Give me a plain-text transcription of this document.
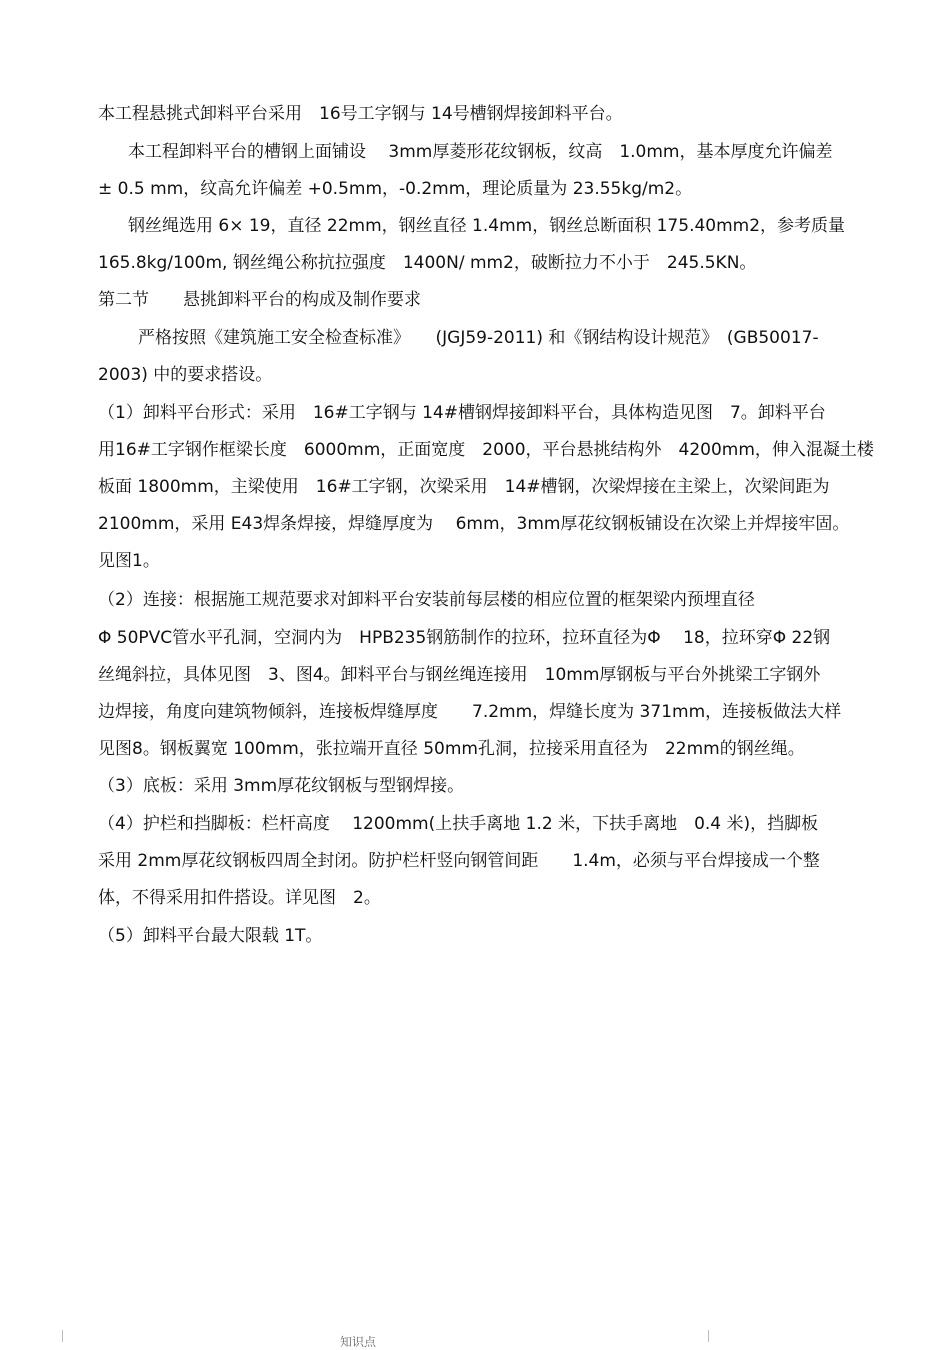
本工程悬挑式卸料平台采用　16号工字钢与 14号槽钢焊接卸料平台。
本工程卸料平台的槽钢上面铺设　 3mm厚菱形花纹钢板，纹高　1.0mm，基本厚度允许偏差
± 0.5 mm，纹高允许偏差 +0.5mm，-0.2mm，理论质量为 23.55kg/m2。
钢丝绳选用 6× 19，直径 22mm，钢丝直径 1.4mm，钢丝总断面积 175.40mm2，参考质量
165.8kg/100m, 钢丝绳公称抗拉强度　1400N/ mm2，破断拉力不小于　245.5KN。
第二节　　悬挑卸料平台的构成及制作要求
严格按照《建筑施工安全检查标准》　　(JGJ59-2011) 和《钢结构设计规范》　(GB50017-
2003) 中的要求搭设。
（1）卸料平台形式：采用　16#工字钢与 14#槽钢焊接卸料平台，具体构造见图　7。卸料平台
用16#工字钢作框梁长度　6000mm，正面宽度　2000，平台悬挑结构外　4200mm，伸入混凝土楼
板面 1800mm，主梁使用　16#工字钢，次梁采用　14#槽钢，次梁焊接在主梁上，次梁间距为
2100mm，采用 E43焊条焊接，焊缝厚度为　 6mm，3mm厚花纹钢板铺设在次梁上并焊接牢固。
见图1。
（2）连接：根据施工规范要求对卸料平台安装前每层楼的相应位置的框架梁内预埋直径
Φ 50PVC管水平孔洞，空洞内为　HPB235钢筋制作的拉环，拉环直径为Φ　 18，拉环穿Φ 22钢
丝绳斜拉，具体见图　3、图4。卸料平台与钢丝绳连接用　10mm厚钢板与平台外挑梁工字钢外
边焊接，角度向建筑物倾斜，连接板焊缝厚度　　7.2mm，焊缝长度为 371mm，连接板做法大样
见图8。钢板翼宽 100mm，张拉端开直径 50mm孔洞，拉接采用直径为　22mm的钢丝绳。
（3）底板：采用 3mm厚花纹钢板与型钢焊接。
（4）护栏和挡脚板：栏杆高度　 1200mm(上扶手离地 1.2 米，下扶手离地　0.4 米)，挡脚板
采用 2mm厚花纹钢板四周全封闭。防护栏杆竖向钢管间距　　1.4m，必须与平台焊接成一个整
体，不得采用扣件搭设。详见图　2。
（5）卸料平台最大限载 1T。
知识点
